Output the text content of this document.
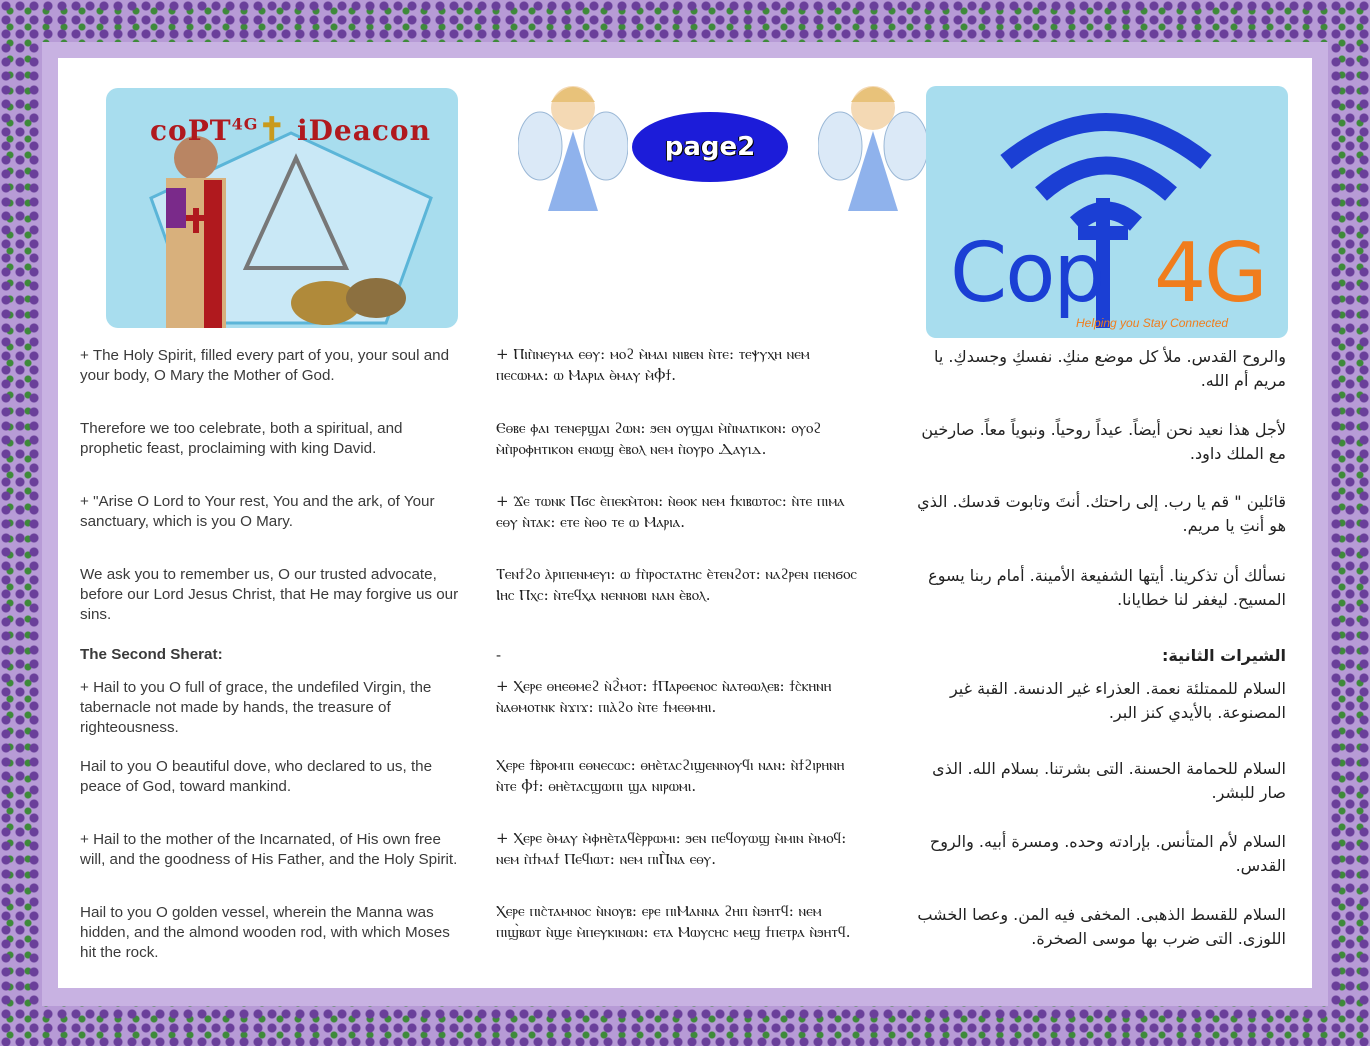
coPT$^{4G}$✝ iDeacon	page2
Cop 4G
Helping you Stay Connected

+ The Holy Spirit, filled every part of you, your soul and your body, O Mary the Mother of God.

Therefore we too celebrate, both a spiritual, and prophetic feast, proclaiming with king David.

+ "Arise O Lord to Your rest, You and the ark, of Your sanctuary, which is you O Mary.

We ask you to remember us, O our trusted advocate, before our Lord Jesus Christ, that He may forgive us our sins.

The Second Sherat:

+ Hail to you O full of grace, the undefiled Virgin, the tabernacle not made by hands, the treasure of righteousness.

Hail to you O beautiful dove, who declared to us, the peace of God, toward mankind.

+ Hail to the mother of the Incarnated, of His own free will, and the goodness of His Father, and the Holy Spirit.

Hail to you O golden vessel, wherein the Manna was hidden, and the almond wooden rod, with which Moses hit the rock.

+ Ⲡⲓⲡ̀ⲛⲉⲩⲙⲁ ⲉⲑⲩ: ⲙⲟϩ ⲙ̀ⲙⲁⲓ ⲛⲓⲃⲉⲛ ⲛ̀ⲧⲉ: ⲧⲉⲯⲩⲭⲏ ⲛⲉⲙ ⲡⲉⲥⲱⲙⲁ: ⲱ Ⲙⲁⲣⲓⲁ ⲑ̀ⲙⲁⲩ ⲙ̀Ⲫϯ.

Ⲉⲑⲃⲉ ⲫⲁⲓ ⲧⲉⲛⲉⲣϣⲁⲓ ϩⲱⲛ: ϧⲉⲛ ⲟⲩϣⲁⲓ ⲙ̀ⲡ̀ⲛⲁⲧⲓⲕⲟⲛ: ⲟⲩⲟϩ ⲙ̀ⲡ̀ⲣⲟⲫⲏⲧⲓⲕⲟⲛ ⲉⲛⲱϣ ⲉ̀ⲃⲟⲗ ⲛⲉⲙ ⲡ̀ⲟⲩⲣⲟ Ⲇⲁⲩⲓⲇ.

+ Ϫⲉ ⲧⲱⲛⲕ Ⲡϭⲥ ⲉ̀ⲡⲉⲕⲙ̀ⲧⲟⲛ: ⲛ̀ⲑⲟⲕ ⲛⲉⲙ ϯⲕⲓⲃⲱⲧⲟⲥ: ⲛ̀ⲧⲉ ⲡⲓⲙⲁ ⲉⲑⲩ ⲛ̀ⲧⲁⲕ: ⲉⲧⲉ ⲛ̀ⲑⲟ ⲧⲉ ⲱ Ⲙⲁⲣⲓⲁ.

Ⲧⲉⲛϯϩⲟ ⲁ̀ⲣⲓⲡⲉⲛⲙⲉⲩⲓ: ⲱ ϯⲡ̀ⲣⲟⲥⲧⲁⲧⲏⲥ ⲉ̀ⲧⲉⲛϩⲟⲧ: ⲛⲁϩⲣⲉⲛ ⲡⲉⲛϭⲟⲥ Ⲓⲏⲥ Ⲡⲭⲥ: ⲛ̀ⲧⲉϥⲭⲁ ⲛⲉⲛⲛⲟⲃⲓ ⲛⲁⲛ ⲉ̀ⲃⲟⲗ.

-

+ Ⲭⲉⲣⲉ ⲑⲏⲉⲑⲙⲉϩ ⲛ̀ϩ̀ⲙⲟⲧ: ϯⲠⲁⲣⲑⲉⲛⲟⲥ ⲛ̀ⲁⲧⲑⲱⲗⲉⲃ: ϯⲥ̀ⲕⲏⲛⲏ ⲛ̀ⲁⲑⲙⲟⲧⲛⲕ ⲛ̀ϫⲓϫ: ⲡⲓⲁ̀ϩⲟ ⲛ̀ⲧⲉ ϯⲙⲉⲑⲙⲏⲓ.

Ⲭⲉⲣⲉ ϯⲃ̀ⲣⲟⲙⲡⲓ ⲉⲑⲛⲉⲥⲱⲥ: ⲑⲏⲉ̀ⲧⲁⲥϩⲓϣⲉⲛⲛⲟⲩϥⲓ ⲛⲁⲛ: ⲛ̀ϯϩⲓⲣⲏⲛⲏ ⲛ̀ⲧⲉ Ⲫϯ: ⲑⲏⲉ̀ⲧⲁⲥϣⲱⲡⲓ ϣⲁ ⲛⲓⲣⲱⲙⲓ.

+ Ⲭⲉⲣⲉ ⲑ̀ⲙⲁⲩ ⲙ̀ⲫⲏⲉ̀ⲧⲁϥⲉ̀ⲣⲣⲱⲙⲓ: ϧⲉⲛ ⲡⲉϥⲟⲩⲱϣ ⲙ̀ⲙⲓⲛ ⲙ̀ⲙⲟϥ: ⲛⲉⲙ ⲡ̀ϯⲙⲁϯ Ⲡⲉϥⲓⲱⲧ: ⲛⲉⲙ ⲡⲓⲠ̀ⲛⲁ ⲉⲑⲩ.

Ⲭⲉⲣⲉ ⲡⲓⲥ̀ⲧⲁⲙⲛⲟⲥ ⲛ̀ⲛⲟⲩⲃ: ⲉⲣⲉ ⲡⲓⲘⲁⲛⲛⲁ ϩⲏⲡ ⲛ̀ϧⲏⲧϥ: ⲛⲉⲙ ⲡⲓϣ̀ⲃⲱⲧ ⲛ̀ϣⲉ ⲙ̀ⲡⲉⲩⲕⲓⲛⲱⲛ: ⲉⲧⲁ Ⲙⲱⲩⲥⲏⲥ ⲙⲉϣ ϯⲡⲉⲧⲣⲁ ⲛ̀ϧⲏⲧϥ.

والروح القدس. ملأ كل موضع منكِ. نفسكِ وجسدكِ. يا مريم أم الله.

لأجل هذا نعيد نحن أيضاً. عيداً روحياً. ونبوياً معاً. صارخين مع الملك داود.

قائلين " قم يا رب. إلى راحتك. أنتَ وتابوت قدسك. الذي هو أنتِ يا مريم.

نسألك أن تذكرينا. أيتها الشفيعة الأمينة. أمام ربنا يسوع المسيح. ليغفر لنا خطايانا.

الشيرات الثانية:

السلام للممتلئة نعمة. العذراء غير الدنسة. القبة غير المصنوعة. بالأيدي كنز البر.

السلام للحمامة الحسنة. التى بشرتنا. بسلام الله. الذى صار للبشر.

السلام لأم المتأنس. بإرادته وحده. ومسرة أبيه. والروح القدس.

السلام للقسط الذهبى. المخفى فيه المن. وعصا الخشب اللوزى. التى ضرب بها موسى الصخرة.
